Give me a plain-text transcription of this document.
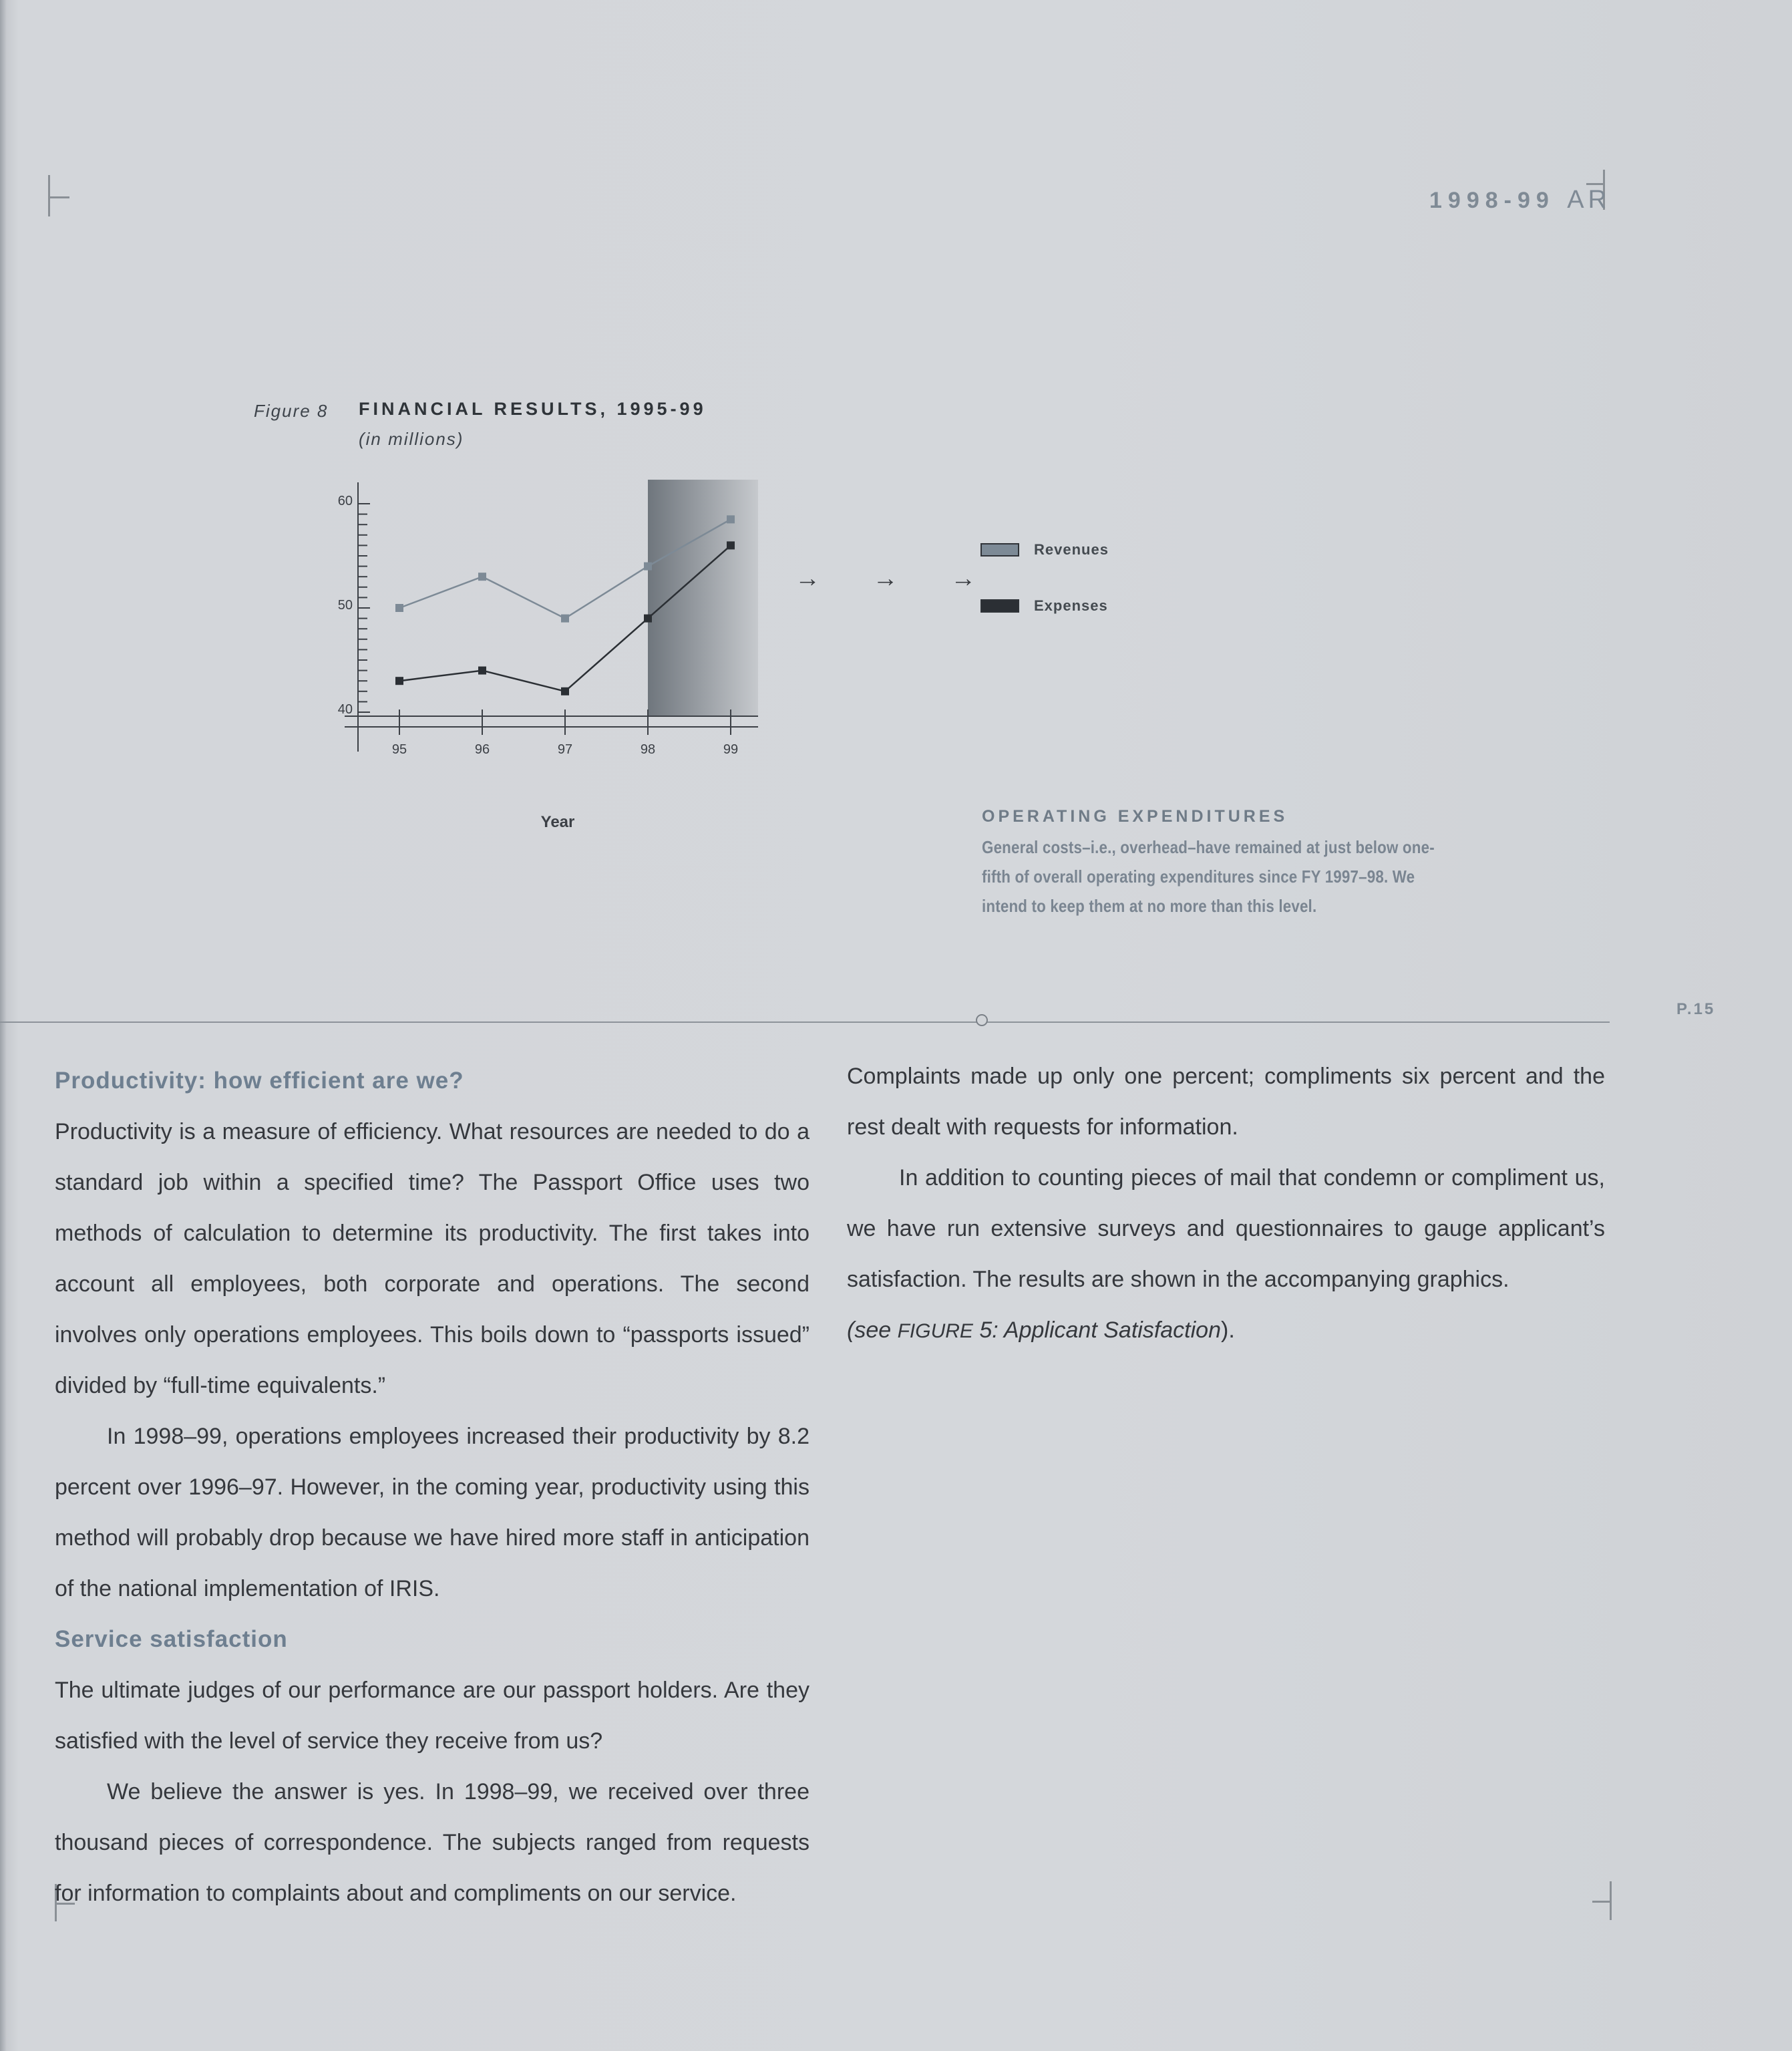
1998-99 AR
Figure 8 FINANCIAL RESULTS, 1995-99
(in millions)
40
50
60
95	96	97	98	99
Year
→ → →
Revenues
Expenses
OPERATING EXPENDITURES
General costs–i.e., overhead–have remained at just below one-fifth of overall operating expenditures since FY 1997–98. We intend to keep them at no more than this level.
P.15
Productivity: how efficient are we?

Productivity is a measure of efficiency. What resources are needed to do a standard job within a specified time? The Passport Office uses two methods of calculation to determine its productivity. The first takes into account all employees, both corporate and operations. The second involves only operations employees. This boils down to “passports issued” divided by “full-time equivalents.”

In 1998–99, operations employees increased their productivity by 8.2 percent over 1996–97. However, in the coming year, productivity using this method will probably drop because we have hired more staff in anticipation of the national implementation of IRIS.

Service satisfaction

The ultimate judges of our performance are our passport holders. Are they satisfied with the level of service they receive from us?

We believe the answer is yes. In 1998–99, we received over three thousand pieces of correspondence. The subjects ranged from requests for information to complaints about and compliments on our service.

Complaints made up only one percent; compliments six percent and the rest dealt with requests for information.

In addition to counting pieces of mail that condemn or compliment us, we have run extensive surveys and questionnaires to gauge applicant’s satisfaction. The results are shown in the accompanying graphics.

(see FIGURE 5: Applicant Satisfaction).
